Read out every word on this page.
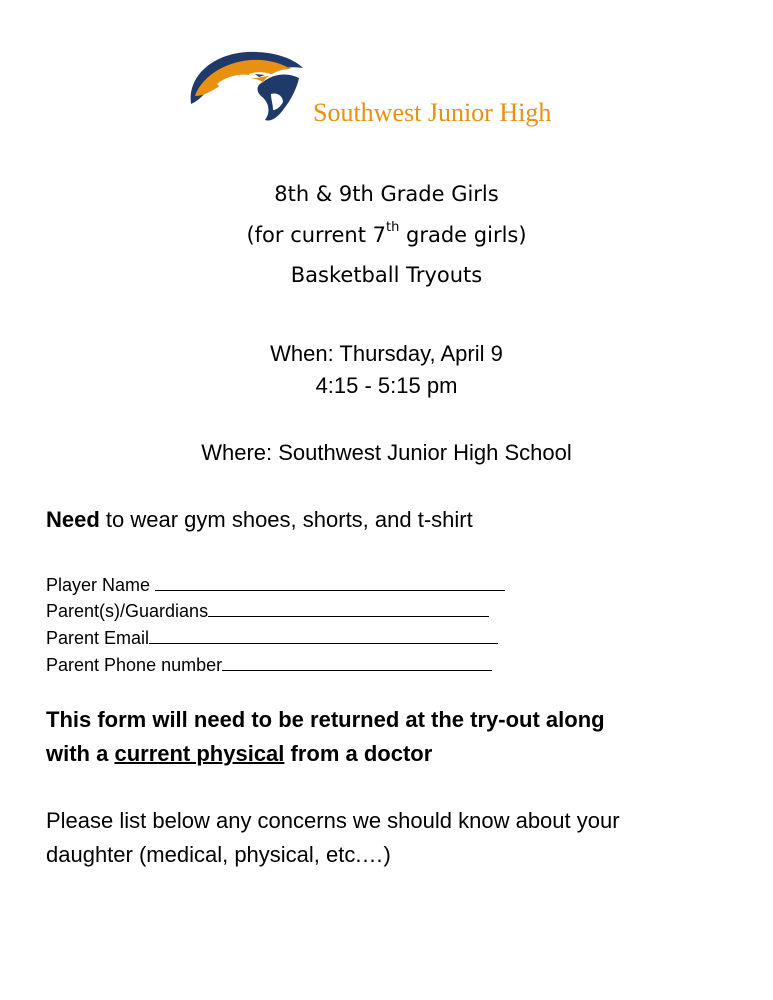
Southwest Junior High
8th & 9th Grade Girls
(for current 7th grade girls)
Basketball Tryouts
When: Thursday, April 9
4:15 - 5:15 pm
Where: Southwest Junior High School
Need to wear gym shoes, shorts, and t-shirt
Player Name
Parent(s)/Guardians
Parent Email
Parent Phone number
This form will need to be returned at the try-out along
with a current physical from a doctor
Please list below any concerns we should know about your
daughter (medical, physical, etc.…)
